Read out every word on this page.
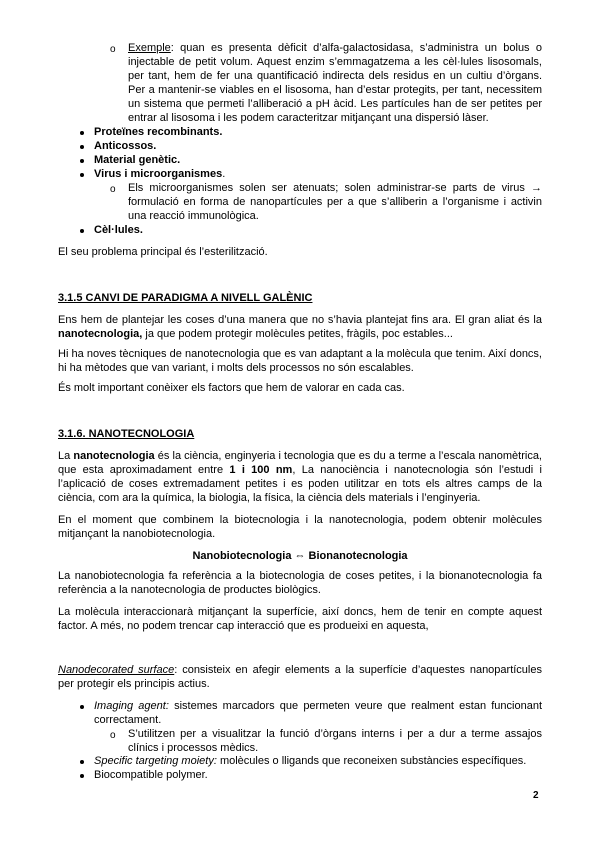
o Exemple: quan es presenta dèficit d’alfa-galactosidasa, s’administra un bolus o injectable de petit volum. Aquest enzim s’emmagatzema a les cèl·lules lisosomals, per tant, hem de fer una quantificació indirecta dels residus en un cultiu d’òrgans. Per a mantenir-se viables en el lisosoma, han d’estar protegits, per tant, necessitem un sistema que permeti l’alliberació a pH àcid. Les partícules han de ser petites per entrar al lisosoma i les podem caracteritzar mitjançant una dispersió làser.

Proteïnes recombinants.

Anticossos.

Material genètic.

Virus i microorganismes.

o Els microorganismes solen ser atenuats; solen administrar-se parts de virus → formulació en forma de nanopartícules per a que s’alliberin a l’organisme i activin una reacció immunològica.

Cèl·lules.

El seu problema principal és l’esterilització.

3.1.5 CANVI DE PARADIGMA A NIVELL GALÈNIC

Ens hem de plantejar les coses d’una manera que no s’havia plantejat fins ara. El gran aliat és la nanotecnologia, ja que podem protegir molècules petites, fràgils, poc estables...

Hi ha noves tècniques de nanotecnologia que es van adaptant a la molècula que tenim. Així doncs, hi ha mètodes que van variant, i molts dels processos no són escalables.

És molt important conèixer els factors que hem de valorar en cada cas.

3.1.6. NANOTECNOLOGIA

La nanotecnologia és la ciència, enginyeria i tecnologia que es du a terme a l’escala nanomètrica, que esta aproximadament entre 1 i 100 nm, La nanociència i nanotecnologia són l’estudi i l’aplicació de coses extremadament petites i es poden utilitzar en tots els altres camps de la ciència, com ara la química, la biologia, la física, la ciència dels materials i l’enginyeria.

En el moment que combinem la biotecnologia i la nanotecnologia, podem obtenir molècules mitjançant la nanobiotecnologia.

Nanobiotecnologia ⇔ Bionanotecnologia

La nanobiotecnologia fa referència a la biotecnologia de coses petites, i la bionanotecnologia fa referència a la nanotecnologia de productes biològics.

La molècula interaccionarà mitjançant la superfície, així doncs, hem de tenir en compte aquest factor. A més, no podem trencar cap interacció que es produeixi en aquesta,

Nanodecorated surface: consisteix en afegir elements a la superfície d’aquestes nanopartícules per protegir els principis actius.

Imaging agent: sistemes marcadors que permeten veure que realment estan funcionant correctament.

o S’utilitzen per a visualitzar la funció d’òrgans interns i per a dur a terme assajos clínics i processos mèdics.

Specific targeting moiety: molècules o lligands que reconeixen substàncies específiques.

Biocompatible polymer.

2
